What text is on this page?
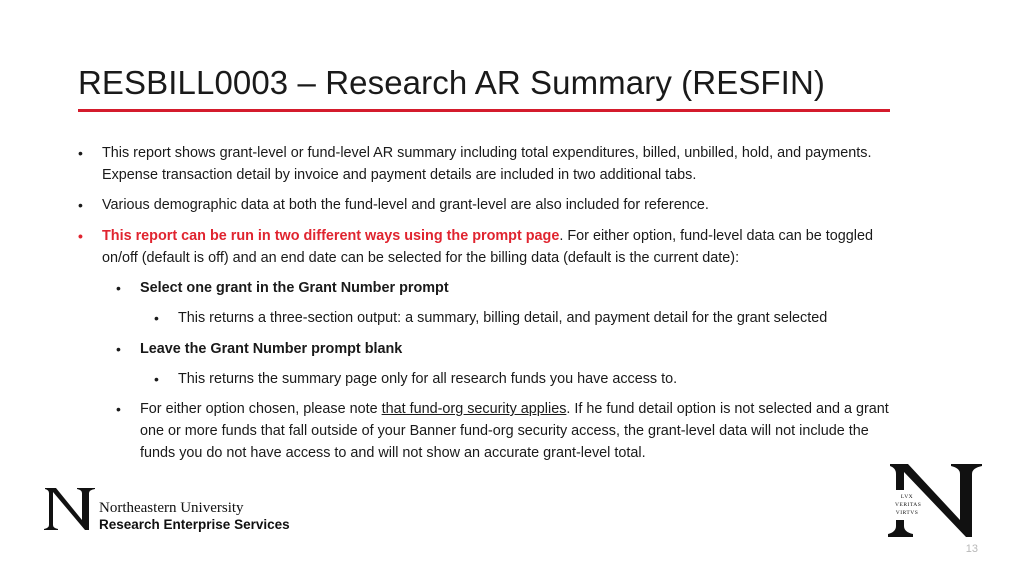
RESBILL0003 – Research AR Summary (RESFIN)
• This report shows grant-level or fund-level AR summary including total expenditures, billed, unbilled, hold, and payments. Expense transaction detail by invoice and payment details are included in two additional tabs.

• Various demographic data at both the fund-level and grant-level are also included for reference.

• This report can be run in two different ways using the prompt page. For either option, fund-level data can be toggled on/off (default is off) and an end date can be selected for the billing data (default is the current date):

• Select one grant in the Grant Number prompt

• This returns a three-section output: a summary, billing detail, and payment detail for the grant selected

• Leave the Grant Number prompt blank

• This returns the summary page only for all research funds you have access to.

• For either option chosen, please note that fund-org security applies. If he fund detail option is not selected and a grant one or more funds that fall outside of your Banner fund-org security access, the grant-level data will not include the funds you do not have access to and will not show an accurate grant-level total.

Northeastern University
Research Enterprise Services
LVX
VERITAS
VIRTVS
13
